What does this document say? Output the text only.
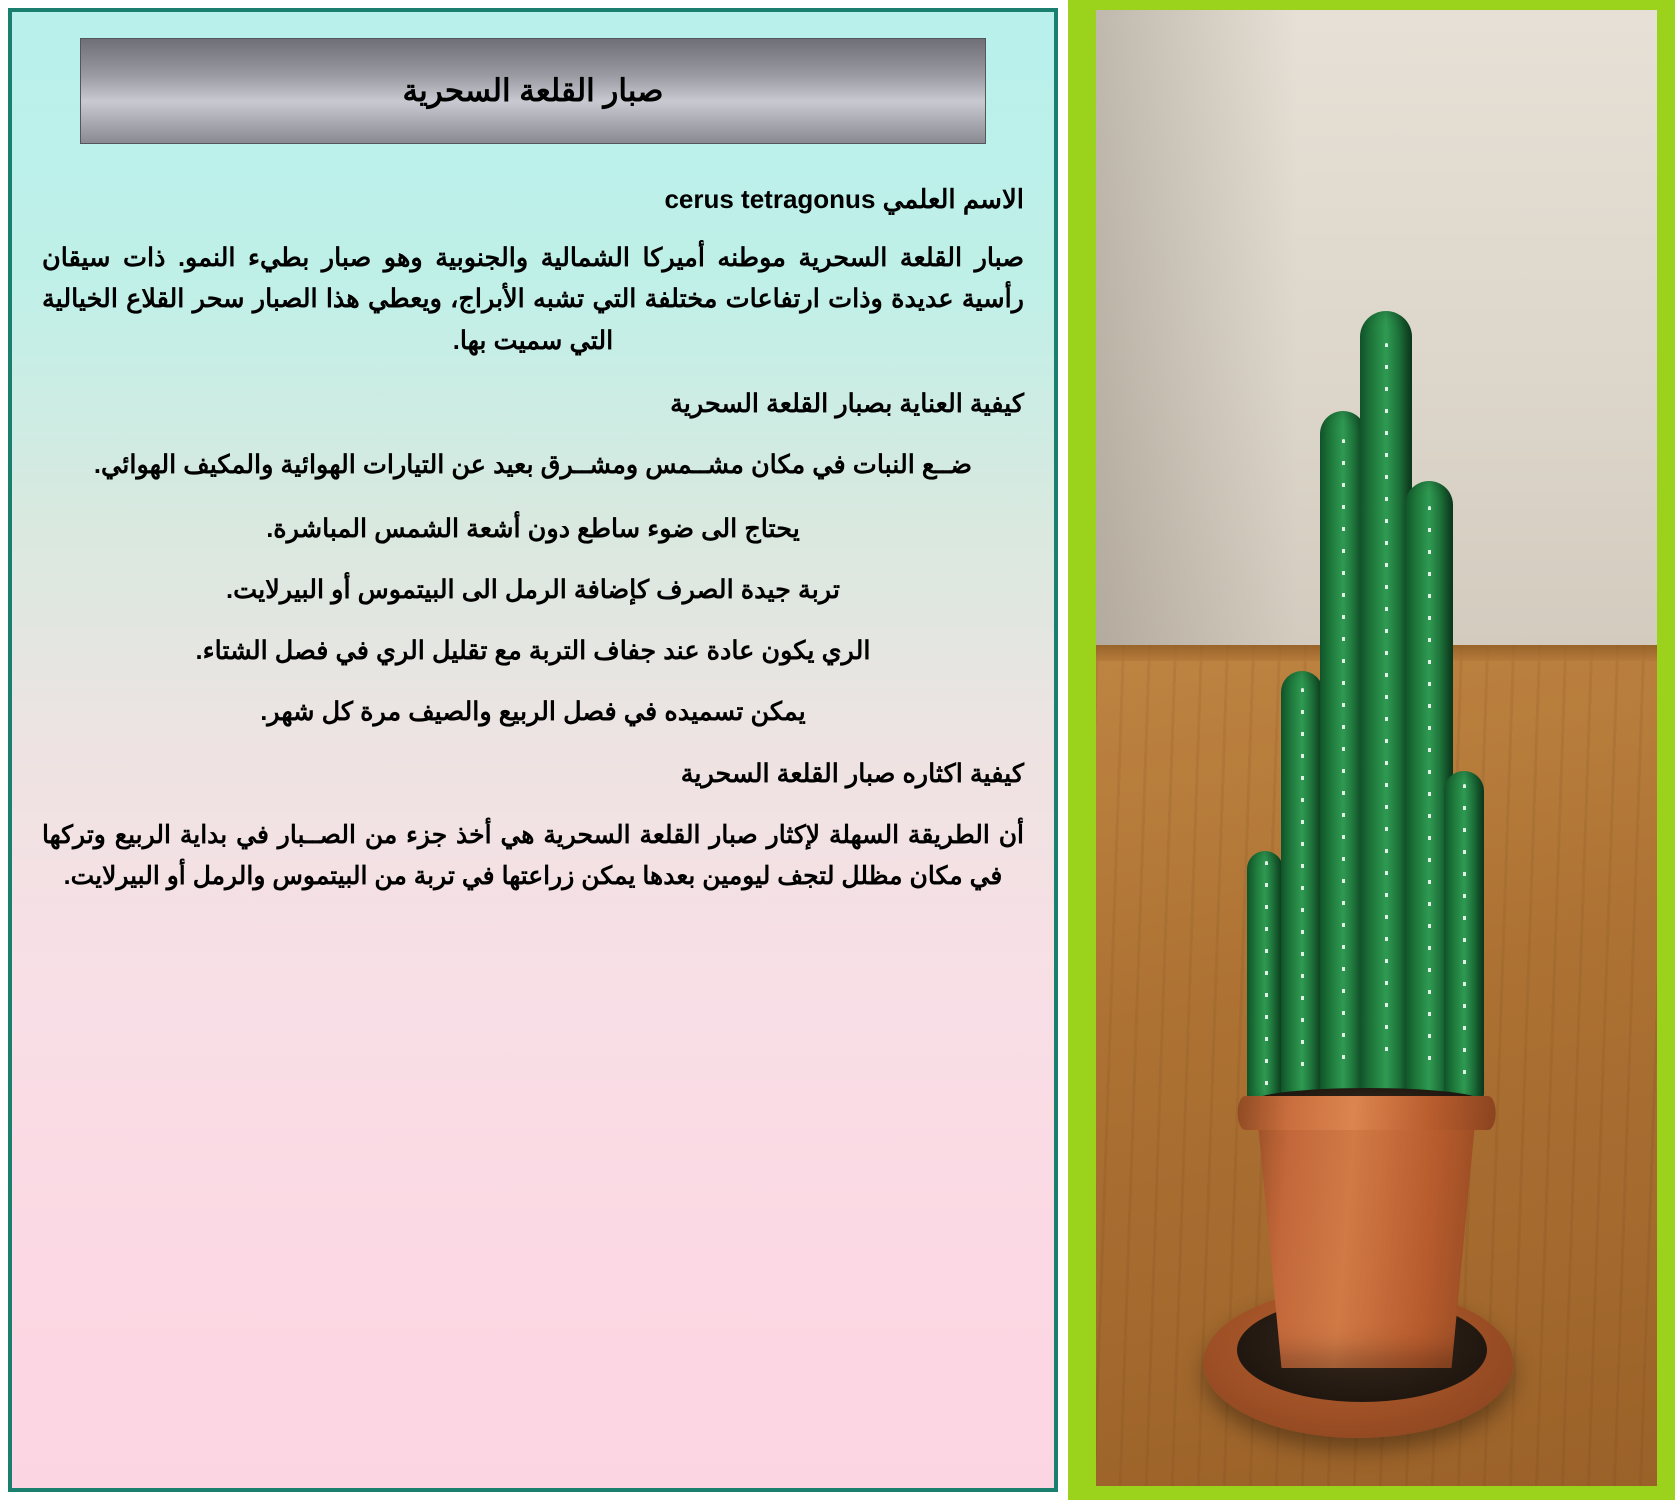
صبار القلعة السحرية

الاسم العلمي cerus tetragonus

صبار القلعة السحرية موطنه أميركا الشمالية والجنوبية وهو صبار بطيء النمو. ذات سيقان رأسية عديدة وذات ارتفاعات مختلفة التي تشبه الأبراج، ويعطي هذا الصبار سحر القلاع الخيالية التي سميت بها.

كيفية العناية بصبار القلعة السحرية

ضــع النبات في مكان مشــمس ومشــرق بعيد عن التيارات الهوائية والمكيف الهوائي.

يحتاج الى ضوء ساطع دون أشعة الشمس المباشرة.

تربة جيدة الصرف كإضافة الرمل الى البيتموس أو البيرلايت.

الري يكون عادة عند جفاف التربة مع تقليل الري في فصل الشتاء.

يمكن تسميده في فصل الربيع والصيف مرة كل شهر.

كيفية اكثاره صبار القلعة السحرية

أن الطريقة السهلة لإكثار صبار القلعة السحرية هي أخذ جزء من الصــبار في بداية الربيع وتركها في مكان مظلل لتجف ليومين بعدها يمكن زراعتها في تربة من البيتموس والرمل أو البيرلايت.
